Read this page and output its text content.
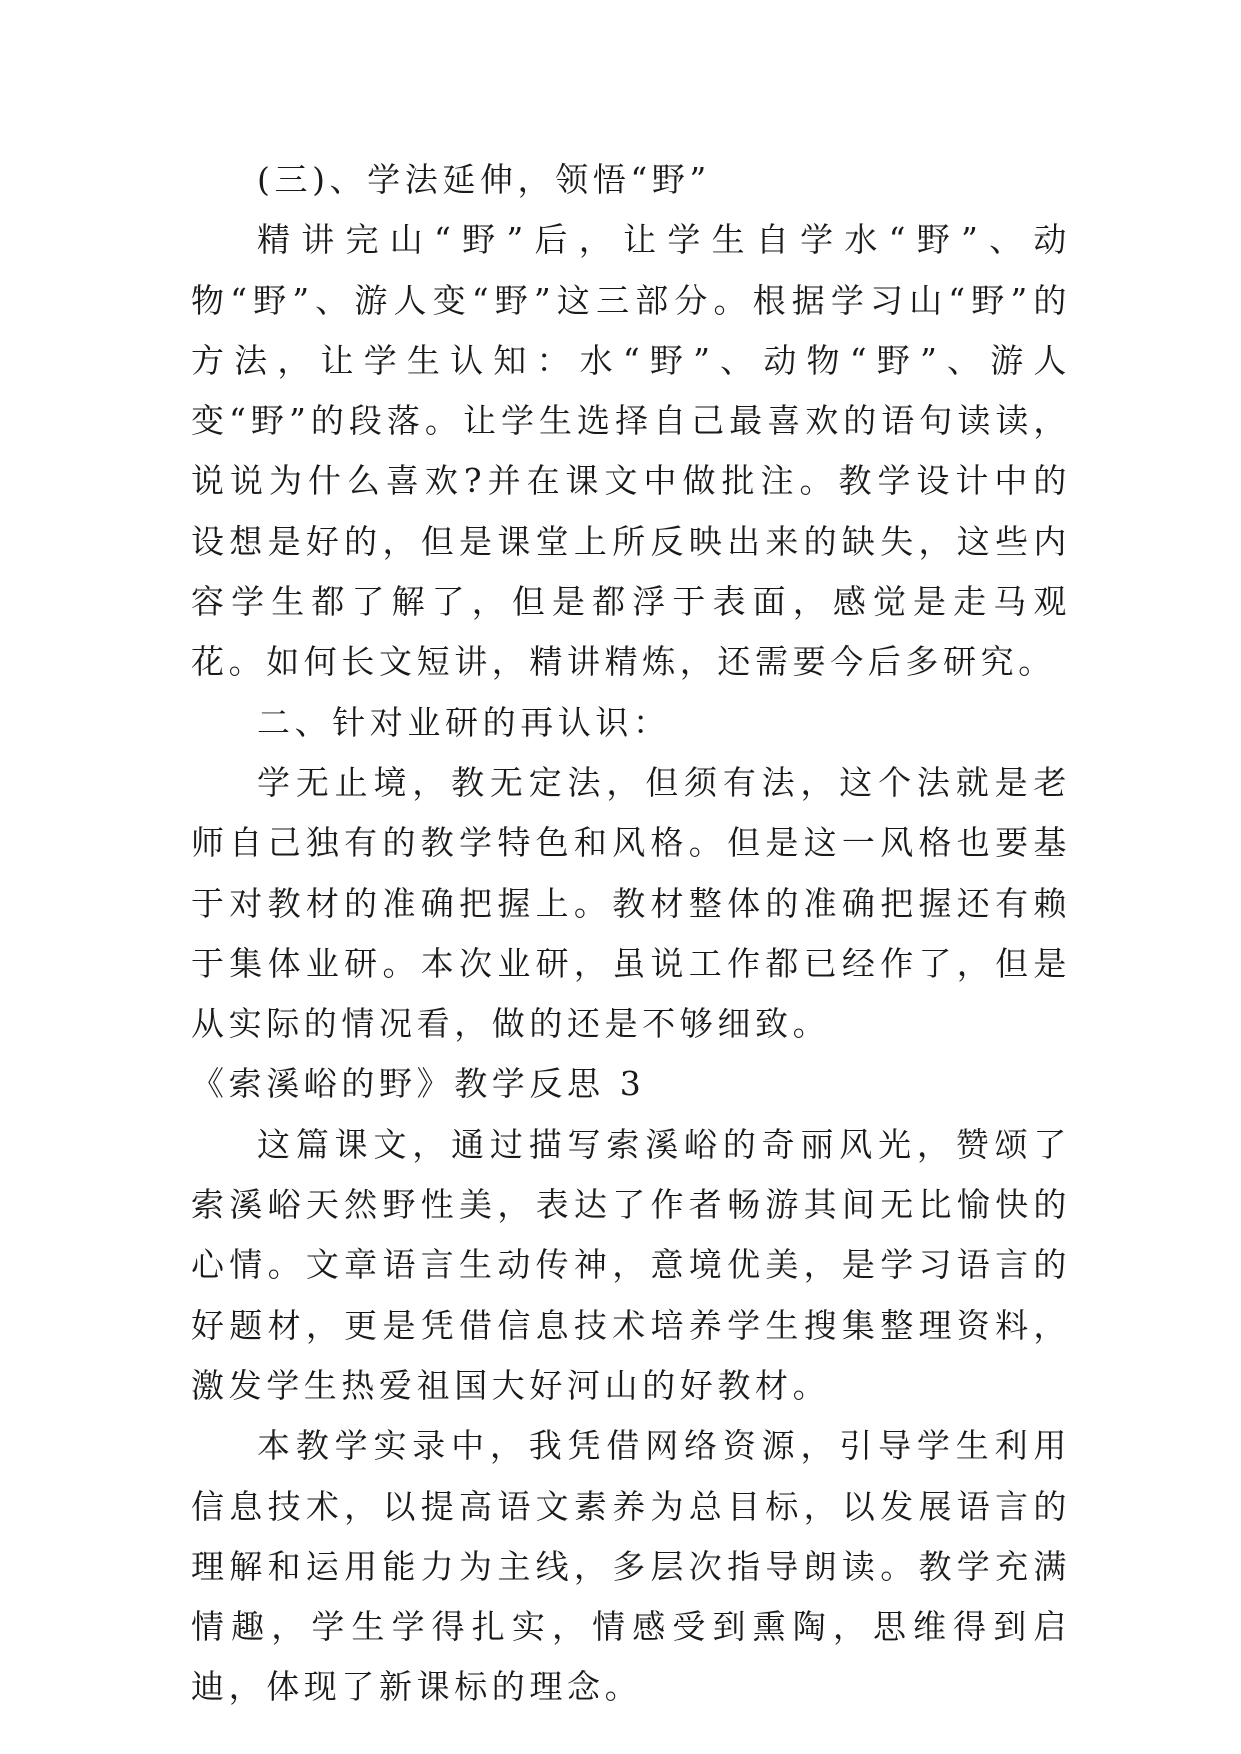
(三)、学法延伸，领悟“野”

精讲完山“野”后，让学生自学水“野”、动物“野”、游人变“野”这三部分。根据学习山“野”的方法，让学生认知：水“野”、动物“野”、游人变“野”的段落。让学生选择自己最喜欢的语句读读，说说为什么喜欢?并在课文中做批注。教学设计中的设想是好的，但是课堂上所反映出来的缺失，这些内容学生都了解了，但是都浮于表面，感觉是走马观花。如何长文短讲，精讲精炼，还需要今后多研究。

二、针对业研的再认识：

学无止境，教无定法，但须有法，这个法就是老师自己独有的教学特色和风格。但是这一风格也要基于对教材的准确把握上。教材整体的准确把握还有赖于集体业研。本次业研，虽说工作都已经作了，但是从实际的情况看，做的还是不够细致。

《索溪峪的野》教学反思 3

这篇课文，通过描写索溪峪的奇丽风光，赞颂了索溪峪天然野性美，表达了作者畅游其间无比愉快的心情。文章语言生动传神，意境优美，是学习语言的好题材，更是凭借信息技术培养学生搜集整理资料，激发学生热爱祖国大好河山的好教材。

本教学实录中，我凭借网络资源，引导学生利用信息技术，以提高语文素养为总目标，以发展语言的理解和运用能力为主线，多层次指导朗读。教学充满情趣，学生学得扎实，情感受到熏陶，思维得到启迪，体现了新课标的理念。
